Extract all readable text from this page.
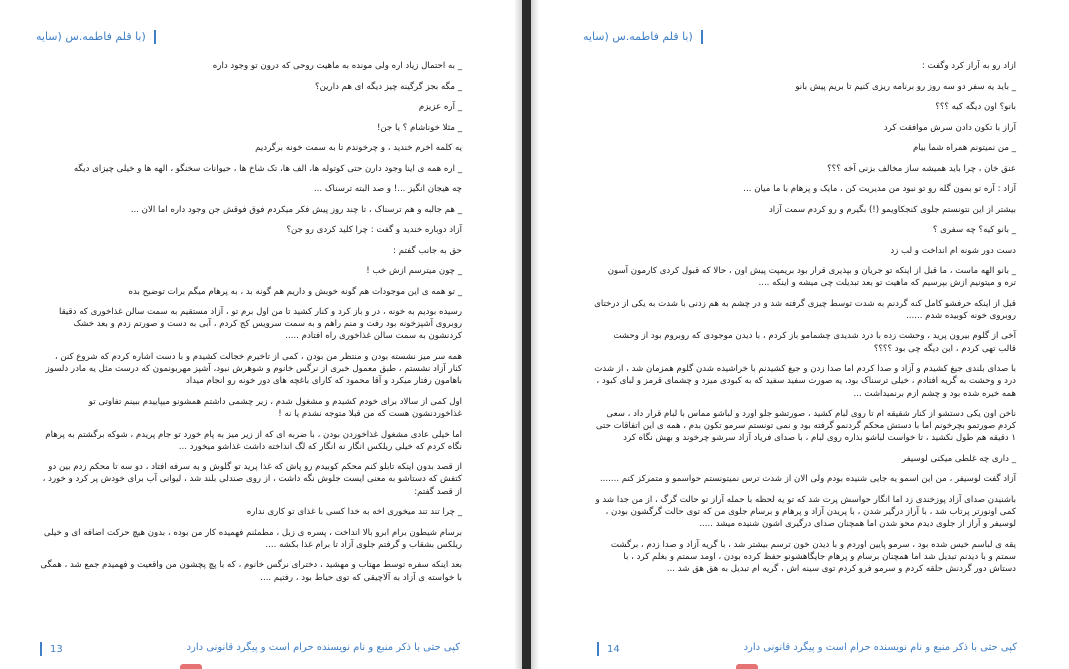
(با قلم فاطمه.س (سایه

_ به احتمال زیاد اره ولی مونده به ماهیت روحی که درون تو وجود داره

_ مگه بجز گرگینه چیز دیگه ای هم دارین؟

_ آره عزیزم

_ مثلا خوناشام ؟ یا جن!

یه کلمه اخرم خندید ، و چرخوندم تا به سمت خونه برگردیم

_ اره همه ی اینا وجود دارن حتی کوتوله ها، الف ها، تک شاخ ها ، حیوانات سخنگو ، الهه ها و خیلی چیزای دیگه

چه هیجان انگیز ...! و صد البته ترسناک ...

_ هم جالبه و هم ترسناک ، تا چند روز پیش فکر میکردم فوق فوقش جن وجود داره اما الان ...

آزاد دوباره خندید و گفت : چرا کلید کردی رو جن؟

حق به جانب گفتم :

_ چون میترسم ازش خب !

_ تو همه ی این موجودات هم گونه خوبش و داریم هم گونه بد ، به پرهام میگم برات توضیح بده

رسیده بودیم به خونه ، در و باز کرد و کنار کشید تا من اول برم تو ، آزاد مستقیم به سمت سالن غذاخوری که دقیقا روبروی آشپزخونه بود رفت و منم راهم و به سمت سرویس کج کردم ، آبی به دست و صورتم زدم و بعد خشک کردنشون به سمت سالن غذاخوری راه افتادم .....

همه سر میز نشسته بودن و منتظر من بودن ، کمی از تاخیرم خجالت کشیدم و با دست اشاره کردم که شروع کنن ، کنار آزاد نشستم ، طبق معمول خبری از نرگس خانوم و شوهرش نبود، آشپز مهربونمون که درست مثل یه مادر دلسوز باهامون رفتار میکرد و آقا محمود که کارای باغچه های دور خونه رو انجام میداد

اول کمی از سالاد برای خودم کشیدم و مشغول شدم ، زیر چشمی داشتم همشونو میپاییدم ببینم تفاوتی تو غذاخوردنشون هست که من قبلا متوجه نشدم یا نه !

اما خیلی عادی مشغول غذاخوردن بودن ، با ضربه ای که از زیر میز به پام خورد تو جام پریدم ، شوکه برگشتم به پرهام نگاه کردم که خیلی ریلکس انگار نه انگار که لگ انداخته داشت غذاشو میخورد ...

از قصد بدون اینکه تابلو کنم محکم کوبیدم رو پاش که غذا پرید تو گلوش و به سرفه افتاد ، دو سه تا محکم زدم بین دو کتفش که دستاشو به معنی ایست جلوش نگه داشت ، از روی صندلی بلند شد ، لیوانی آب برای خودش پر کرد و خورد ، از قصد گفتم:

_ چرا تند تند میخوری اخه به خدا کسی با غذای تو کاری نداره

برسام شیطون برام ابرو بالا انداخت ، پسره ی زبل ، مطمئنم فهمیده کار من بوده ، بدون هیچ حرکت اضافه ای و خیلی ریلکس بشقاب و گرفتم جلوی آزاد تا برام غذا بکشه ....

بعد اینکه سفره توسط مهتاب و مهشید ، دخترای نرگس خانوم ، که با پچ پچشون من واقعیت و فهمیدم جمع شد ، همگی با خواسته ی آزاد به آلاچیقی که توی حیاط بود ، رفتیم ....

13	کپی حتی با ذکر منبع و نام نویسنده حرام است و پیگرد قانونی دارد
(با قلم فاطمه.س (سایه

ازاد رو به آراز کرد وگفت :

_ باید یه سفر دو سه روز رو برنامه ریزی کنیم تا بریم پیش بانو

بانو؟ اون دیگه کیه ؟؟؟

آراز با تکون دادن سرش موافقت کرد

_ من نمیتونم همراه شما بیام

عنق خان ، چرا باید همیشه ساز مخالف بزنی آخه ؟؟؟

آزاد : آره تو بمون گله رو تو نبود من مدیریت کن ، مایک و پرهام با ما میان ...

بیشتر از این نتونستم جلوی کنجکاویمو (!) بگیرم و رو کردم سمت آزاد

_ بانو کیه؟ چه سفری ؟

دست دور شونه ام انداخت و لب زد

_ بانو الهه ماست ، ما قبل از اینکه تو جریان و بپذیری قرار بود بریمپت پیش اون ، حالا که قبول کردی کارمون آسون تره و میتونیم ازش بپرسیم که ماهیت تو بعد تبدیلت چی میشه و اینکه ....

قبل از اینکه حرفشو کامل کنه گردنم به شدت توسط چیزی گرفته شد و در چشم به هم زدنی با شدت به یکی از درختای روبروی خونه کوبیده شدم ......

آخی از گلوم بیرون پرید ، وحشت زده با درد شدیدی چشمامو باز کردم ، با دیدن موجودی که روبروم بود از وحشت قالب تهی کردم ، این دیگه چی بود ؟؟؟؟

با صدای بلندی جیغ کشیدم و آزاد و صدا کردم اما صدا زدن و جیغ کشیدنم با خراشیده شدن گلوم همزمان شد ، از شدت درد و وحشت به گریه افتادم ، خیلی ترسناک بود، یه صورت سفید سفید که به کبودی میزد و چشمای قرمز و لبای کبود ، همه خیره شده بود و چشم ازم برنمیداشت ...

ناخن اون یکی دستشو از کنار شقیقه ام تا روی لبام کشید ، صورتشو جلو اورد و لباشو مماس با لبام قرار داد ، سعی کردم صورتمو بچرخونم اما با دستش محکم گردنمو گرفته بود و نمی تونستم سرمو تکون بدم ، همه ی این اتفاقات حتی ۱ دقیقه هم طول نکشید ، تا خواست لباشو بذاره روی لبام ، با صدای فریاد آزاد سرشو چرخوند و بهش نگاه کرد

_ داری چه غلطی میکنی لوسیفر

آزاد گفت لوسیفر ، من این اسمو یه جایی شنیده بودم ولی الان از شدت ترس نمیتونستم حواسمو و متمرکز کنم .......

باشنیدن صدای آزاد پوزخندی زد اما انگار حواسش پرت شد که تو یه لحظه با حمله آراز تو حالت گرگ ، از من جدا شد و کمی اونورتر پرتاب شد ، با آراز درگیر شدن ، با پریدن آزاد و پرهام و برسام جلوی من که توی حالت گرگشون بودن ، لوسیفر و آراز از جلوی دیدم محو شدن اما همچنان صدای درگیری اشون شنیده میشد .....

یقه ی لباسم خیس شده بود ، سرمو پایین اوردم و با دیدن خون ترسم بیشتر شد ، با گریه آزاد و صدا زدم ، برگشت سمتم و با دیدنم تبدیل شد اما همچنان برسام و پرهام جایگاهشونو حفظ کرده بودن ، اومد سمتم و بغلم کرد ، با دستاش دور گردنش حلقه کردم و سرمو فرو کردم توی سینه اش ، گریه ام تبدیل به هق هق شد ...

14	کپی حتی با ذکر منبع و نام نویسنده حرام است و پیگرد قانونی دارد
